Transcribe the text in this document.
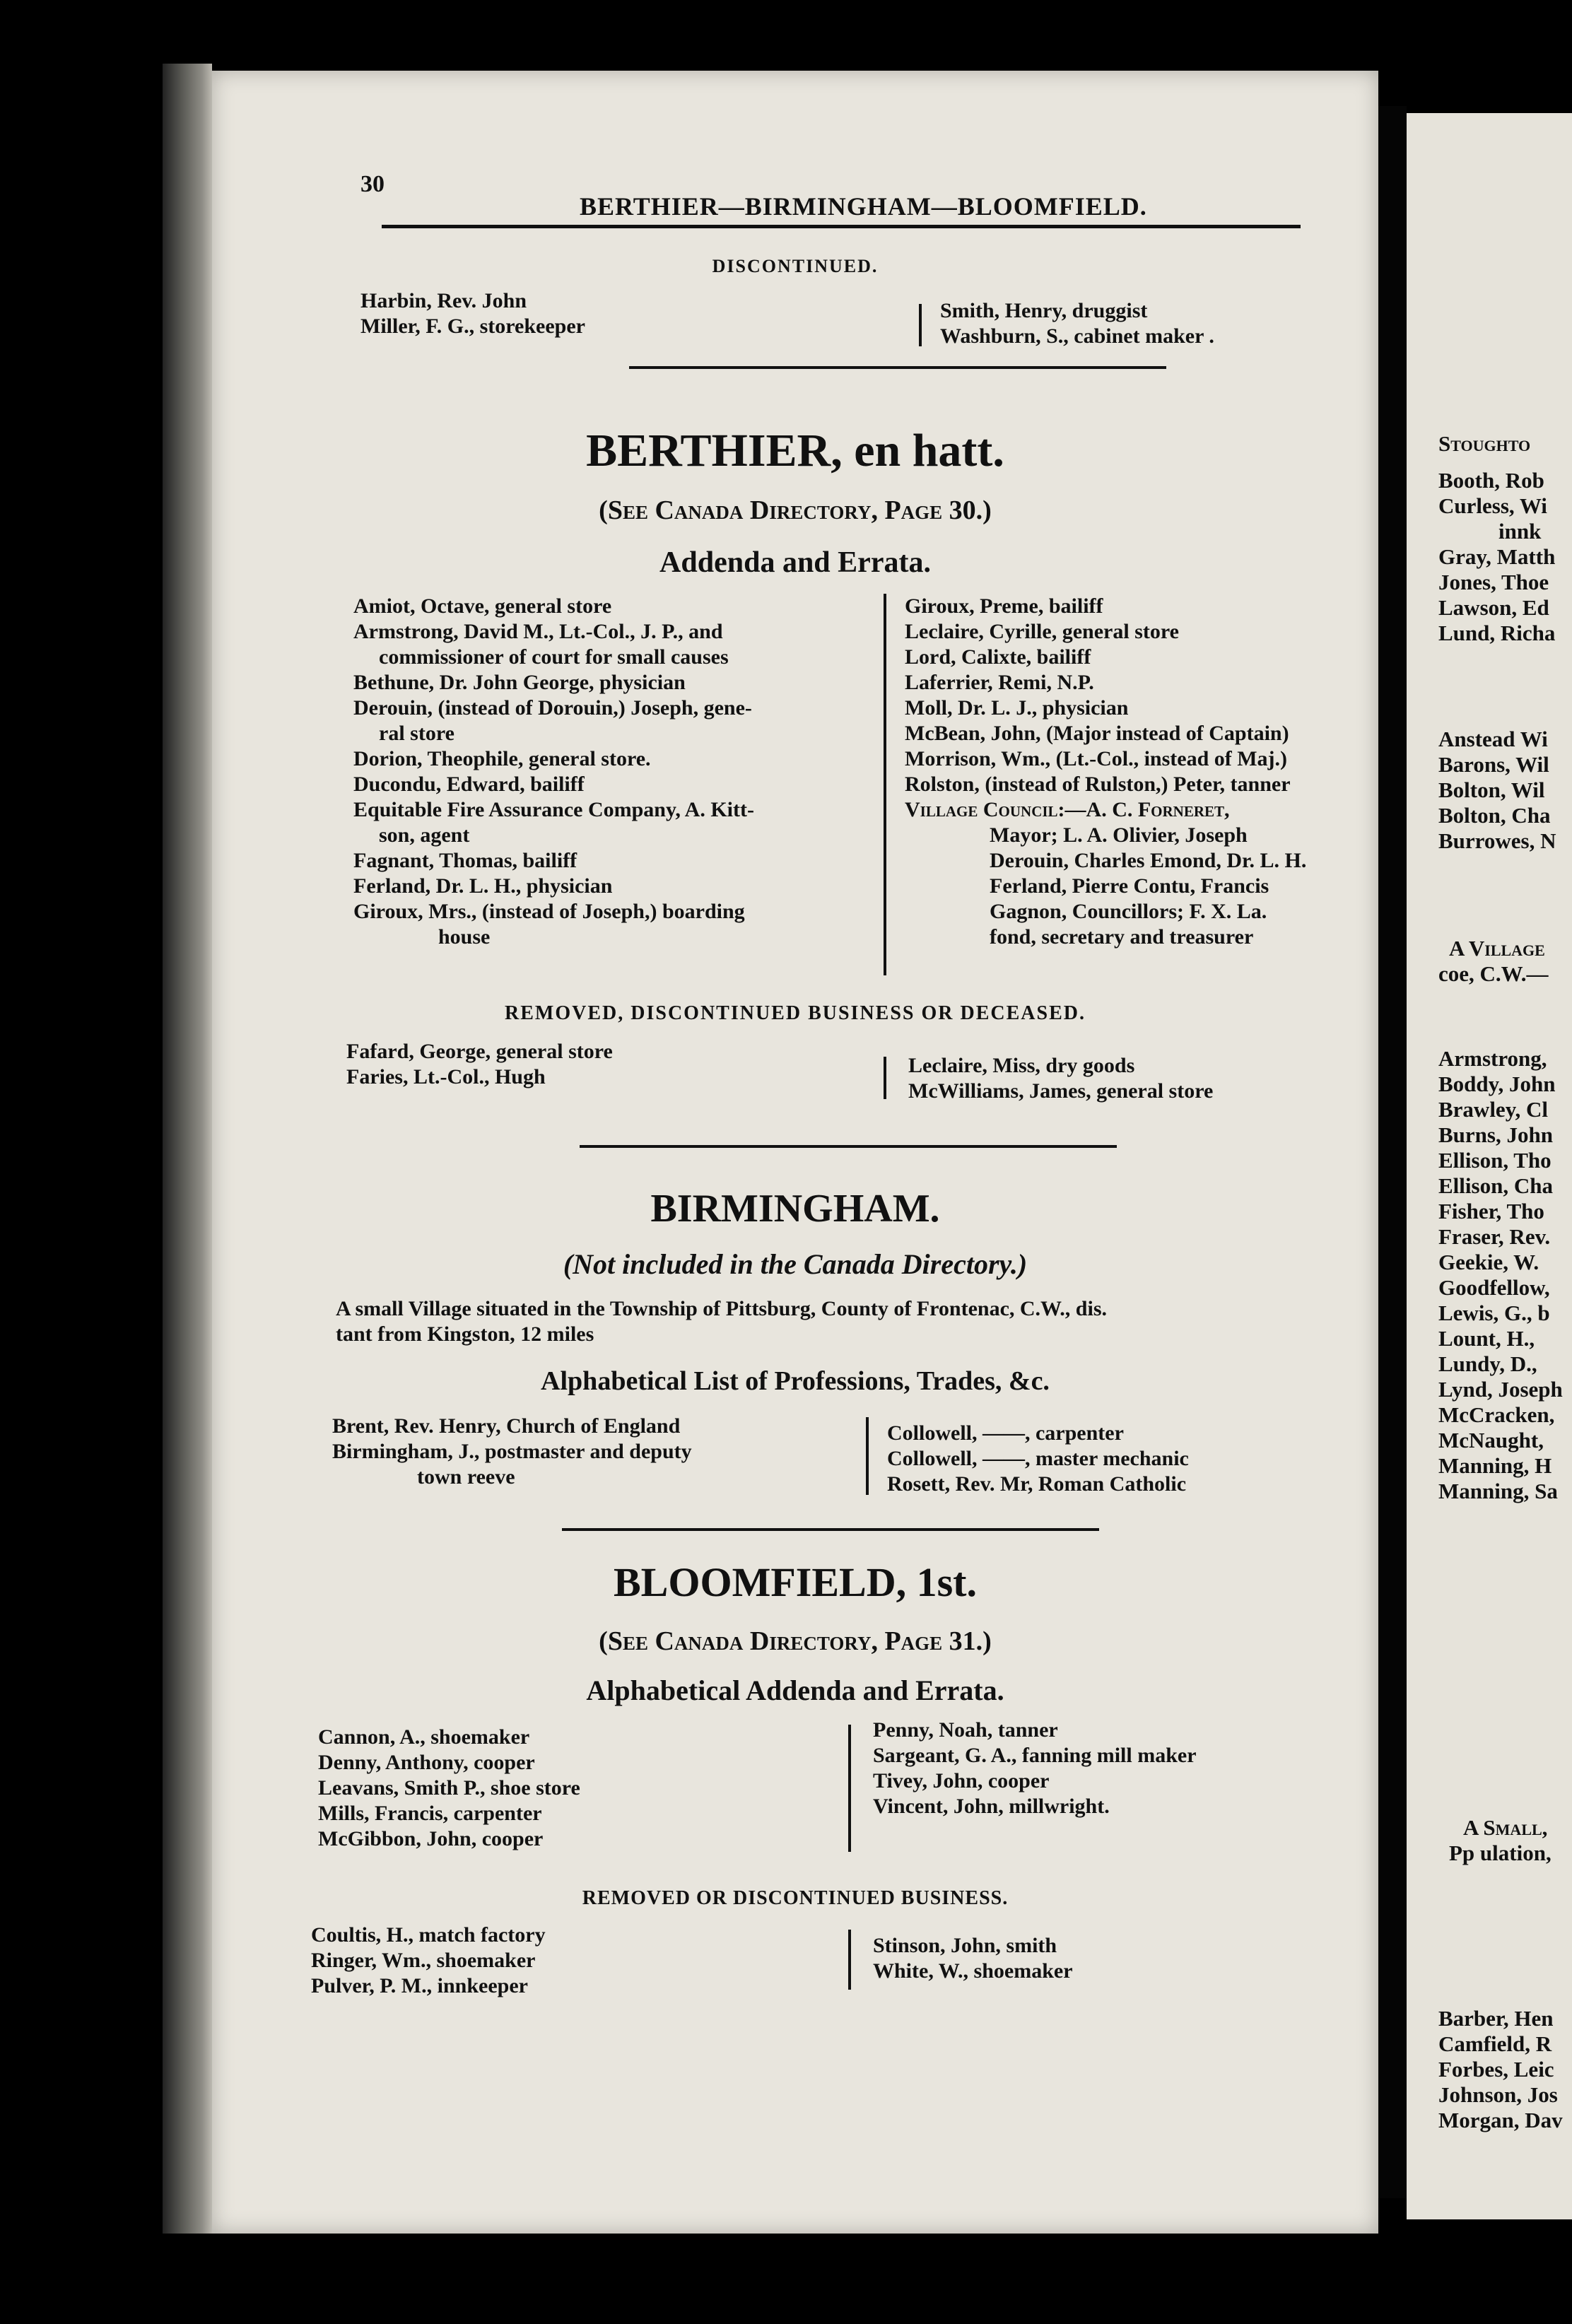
30
BERTHIER—BIRMINGHAM—BLOOMFIELD.
DISCONTINUED.
Harbin, Rev. John
Miller, F. G., storekeeper
Smith, Henry, druggist
Washburn, S., cabinet maker .
BERTHIER, en hatt.
(See Canada Directory, Page 30.)
Addenda and Errata.
Amiot, Octave, general store
Armstrong, David M., Lt.-Col., J. P., and
commissioner of court for small causes
Bethune, Dr. John George, physician
Derouin, (instead of Dorouin,) Joseph, gene-
ral store
Dorion, Theophile, general store.
Ducondu, Edward, bailiff
Equitable Fire Assurance Company, A. Kitt-
son, agent
Fagnant, Thomas, bailiff
Ferland, Dr. L. H., physician
Giroux, Mrs., (instead of Joseph,) boarding
house
Giroux, Preme, bailiff
Leclaire, Cyrille, general store
Lord, Calixte, bailiff
Laferrier, Remi, N.P.
Moll, Dr. L. J., physician
McBean, John, (Major instead of Captain)
Morrison, Wm., (Lt.-Col., instead of Maj.)
Rolston, (instead of Rulston,) Peter, tanner
Village Council:—A. C. Forneret,
Mayor; L. A. Olivier, Joseph
Derouin, Charles Emond, Dr. L. H.
Ferland, Pierre Contu, Francis
Gagnon, Councillors; F. X. La.
fond, secretary and treasurer
REMOVED, DISCONTINUED BUSINESS OR DECEASED.
Fafard, George, general store
Faries, Lt.-Col., Hugh	Leclaire, Miss, dry goods
McWilliams, James, general store
BIRMINGHAM.
(Not included in the Canada Directory.)
A small Village situated in the Township of Pittsburg, County of Frontenac, C.W., dis.
tant from Kingston, 12 miles
Alphabetical List of Professions, Trades, &c.
Brent, Rev. Henry, Church of England
Birmingham, J., postmaster and deputy
town reeve
Collowell, ——, carpenter
Collowell, ——, master mechanic
Rosett, Rev. Mr, Roman Catholic
BLOOMFIELD, 1st.
(See Canada Directory, Page 31.)
Alphabetical Addenda and Errata.
Cannon, A., shoemaker
Denny, Anthony, cooper
Leavans, Smith P., shoe store
Mills, Francis, carpenter
McGibbon, John, cooper
Penny, Noah, tanner
Sargeant, G. A., fanning mill maker
Tivey, John, cooper
Vincent, John, millwright.
REMOVED OR DISCONTINUED BUSINESS.
Coultis, H., match factory
Ringer, Wm., shoemaker
Pulver, P. M., innkeeper
Stinson, John, smith
White, W., shoemaker
Stoughto
Booth, Rob
Curless, Wi
innk
Gray, Matth
Jones, Thoe
Lawson, Ed
Lund, Richa
Anstead Wi
Barons, Wil
Bolton, Wil
Bolton, Cha
Burrowes, N
A Village
coe, C.W.—
Armstrong,
Boddy, John
Brawley, Cl
Burns, John
Ellison, Tho
Ellison, Cha
Fisher, Tho
Fraser, Rev.
Geekie, W.
Goodfellow,
Lewis, G., b
Lount, H.,
Lundy, D.,
Lynd, Joseph
McCracken,
McNaught,
Manning, H
Manning, Sa
A Small,
Pp ulation,
Barber, Hen
Camfield, R
Forbes, Leic
Johnson, Jos
Morgan, Dav
